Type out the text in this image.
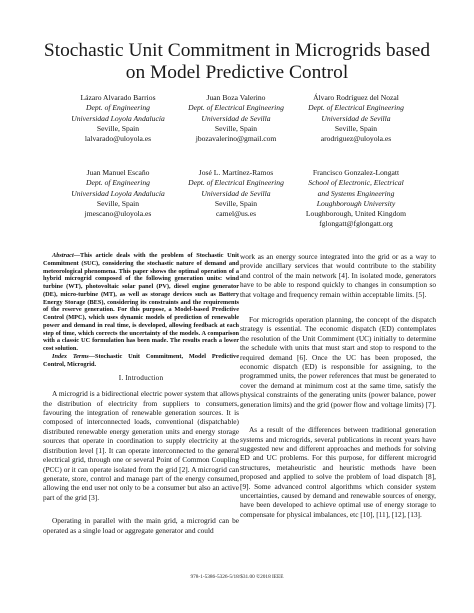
Stochastic Unit Commitment in Microgrids based
on Model Predictive Control
Lázaro Alvarado Barrios
Dept. of Engineering
Universidad Loyola Andalucía
Seville, Spain
lalvarado@uloyola.es
Juan Boza Valerino
Dept. of Electrical Engineering
Universidad de Sevilla
Seville, Spain
jbozavalerino@gmail.com
Álvaro Rodríguez del Nozal
Dept. of Electrical Engineering
Universidad de Sevilla
Seville, Spain
arodriguez@uloyola.es
Juan Manuel Escaño
Dept. of Engineering
Universidad Loyola Andalucía
Seville, Spain
jmescano@uloyola.es
José L. Martínez-Ramos
Dept. of Electrical Engineering
Universidad de Sevilla
Seville, Spain
camel@us.es
Francisco Gonzalez-Longatt
School of Electronic, Electrical
and Systems Engineering
Loughborough University
Loughborough, United Kingdom
fglongatt@fglongatt.org

Abstract—This article deals with the problem of Stochastic Unit Commitment (SUC), considering the stochastic nature of demand and meteorological phenomena. This paper shows the optimal operation of a hybrid microgrid composed of the following generation units: wind turbine (WT), photovoltaic solar panel (PV), diesel engine generator (DE), micro-turbine (MT), as well as storage devices such as Battery Energy Storage (BES), considering its constraints and the requirements of the reserve generation. For this purpose, a Model-based Predictive Control (MPC), which uses dynamic models of prediction of renewable power and demand in real time, is developed, allowing feedback at each step of time, which corrects the uncertainty of the models. A comparison with a classic UC formulation has been made. The results reach a lower cost solution.

Index Terms—Stochastic Unit Commitment, Model Predictive Control, Microgrid.

I. Introduction

A microgrid is a bidirectional electric power system that allows the distribution of electricity from suppliers to consumers, favouring the integration of renewable generation sources. It is composed of interconnected loads, conventional (dispatchable) distributed renewable energy generation units and energy storage sources that operate in coordination to supply electricity at the distribution level [1]. It can operate interconnected to the general electrical grid, through one or several Point of Common Coupling (PCC) or it can operate isolated from the grid [2]. A microgrid can generate, store, control and manage part of the energy consumed, allowing the end user not only to be a consumer but also an active part of the grid [3].

Operating in parallel with the main grid, a microgrid can be operated as a single load or aggregate generator and could

work as an energy source integrated into the grid or as a way to provide ancillary services that would contribute to the stability and control of the main network [4]. In isolated mode, generators have to be able to respond quickly to changes in consumption so that voltage and frequency remain within acceptable limits. [5].

For microgrids operation planning, the concept of the dispatch strategy is essential. The economic dispatch (ED) contemplates the resolution of the Unit Commiment (UC) initially to determine the schedule with units that must start and stop to respond to the required demand [6]. Once the UC has been proposed, the economic dispatch (ED) is responsible for assigning, to the programmed units, the power references that must be generated to cover the demand at minimum cost at the same time, satisfy the physical constraints of the generating units (power balance, power generation limits) and the grid (power flow and voltage limits) [7].

As a result of the differences between traditional generation systems and microgrids, several publications in recent years have suggested new and different approaches and methods for solving ED and UC problems. For this purpose, for different microgrid structures, metaheuristic and heuristic methods have been proposed and applied to solve the problem of load dispatch [8], [9]. Some advanced control algorithms which consider system uncertainties, caused by demand and renewable sources of energy, have been developed to achieve optimal use of energy storage to compensate for physical imbalances, etc [10], [11], [12], [13].

978-1-5386-5326-5/18/$31.00 ©2018 IEEE
